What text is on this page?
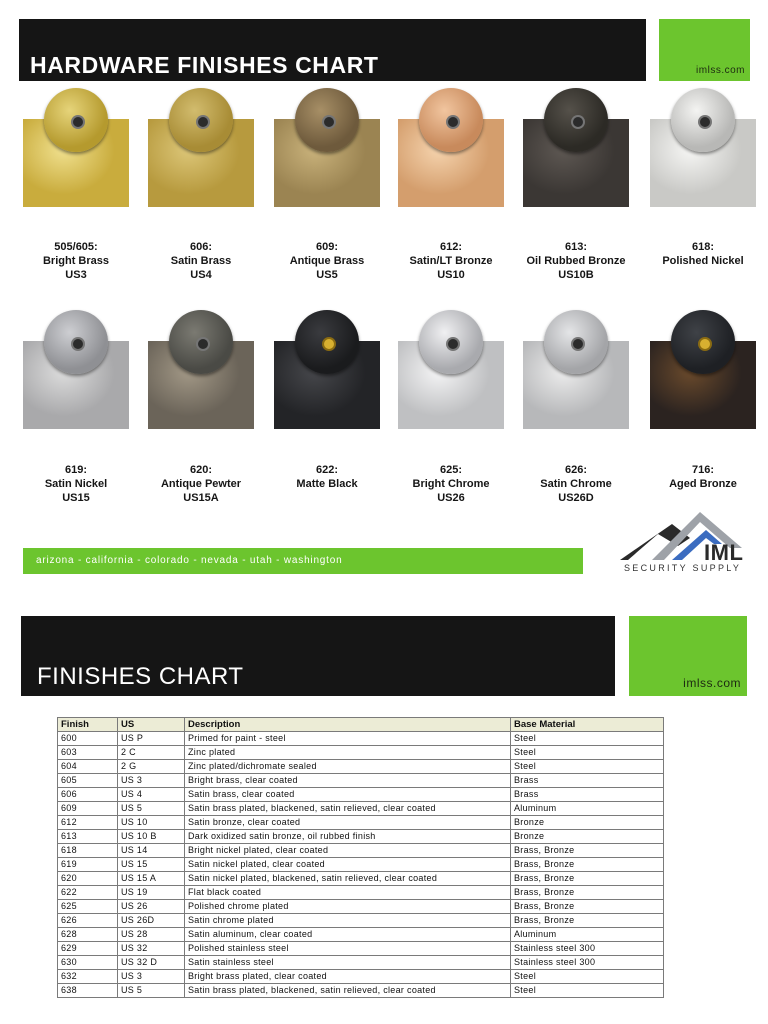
HARDWARE FINISHES CHART	imlss.com
505/605:
Bright Brass
US3
606:
Satin Brass
US4
609:
Antique Brass
US5
612:
Satin/LT Bronze
US10
613:
Oil Rubbed Bronze
US10B
618:
Polished Nickel
619:
Satin Nickel
US15
620:
Antique Pewter
US15A
622:
Matte Black
625:
Bright Chrome
US26
626:
Satin Chrome
US26D
716:
Aged Bronze
arizona - california - colorado - nevada - utah - washington	IML
SECURITY SUPPLY
FINISHES CHART	imlss.com
Finish	US	Description	Base Material
600	US P	Primed for paint - steel	Steel
603	2 C	Zinc plated	Steel
604	2 G	Zinc plated/dichromate sealed	Steel
605	US 3	Bright brass, clear coated	Brass
606	US 4	Satin brass, clear coated	Brass
609	US 5	Satin brass plated, blackened, satin relieved, clear coated	Aluminum
612	US 10	Satin bronze, clear coated	Bronze
613	US 10 B	Dark oxidized satin bronze, oil rubbed finish	Bronze
618	US 14	Bright nickel plated, clear coated	Brass, Bronze
619	US 15	Satin nickel plated, clear coated	Brass, Bronze
620	US 15 A	Satin nickel plated, blackened, satin relieved, clear coated	Brass, Bronze
622	US 19	Flat black coated	Brass, Bronze
625	US 26	Polished chrome plated	Brass, Bronze
626	US 26D	Satin chrome plated	Brass, Bronze
628	US 28	Satin aluminum, clear coated	Aluminum
629	US 32	Polished stainless steel	Stainless steel 300
630	US 32 D	Satin stainless steel	Stainless steel 300
632	US 3	Bright brass plated, clear coated	Steel
638	US 5	Satin brass plated, blackened, satin relieved, clear coated	Steel
